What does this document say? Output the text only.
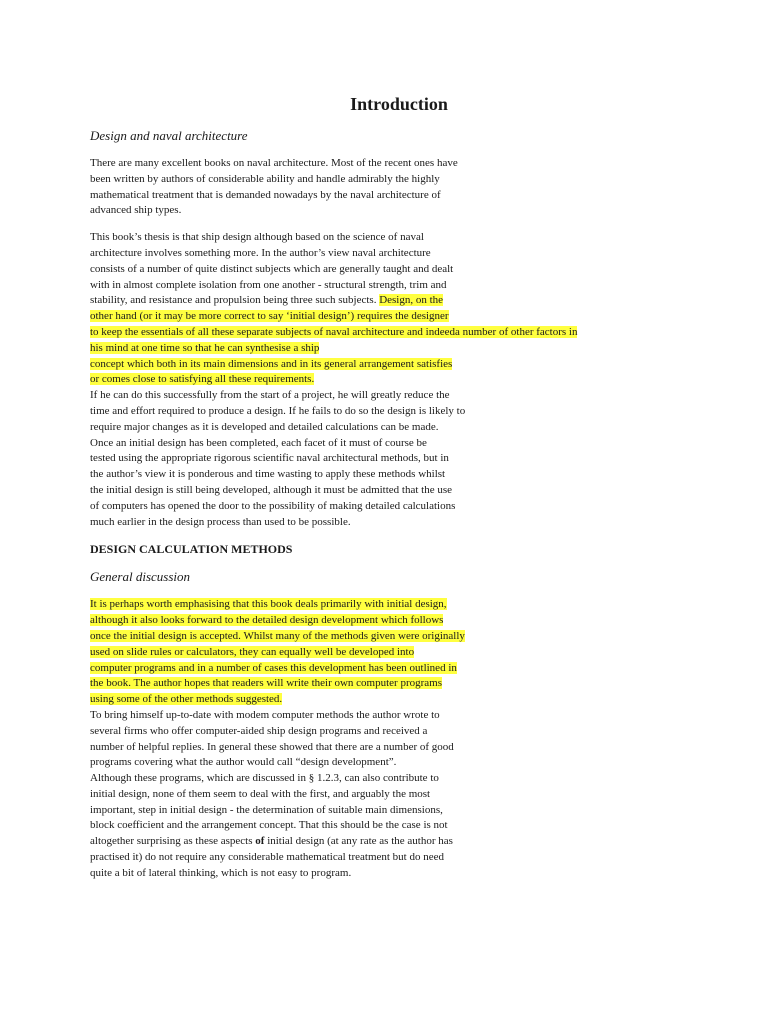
Introduction
Design and naval architecture
There are many excellent books on naval architecture. Most of the recent ones have
been written by authors of considerable ability and handle admirably the highly
mathematical treatment that is demanded nowadays by the naval architecture of
advanced ship types.
This book’s thesis is that ship design although based on the science of naval
architecture involves something more. In the author’s view naval architecture
consists of a number of quite distinct subjects which are generally taught and dealt
with in almost complete isolation from one another - structural strength, trim and
stability, and resistance and propulsion being three such subjects. Design, on the
other hand (or it may be more correct to say ‘initial design’) requires the designer
to keep the essentials of all these separate subjects of naval architecture and indeeda number of other factors in
his mind at one time so that he can synthesise a ship
concept which both in its main dimensions and in its general arrangement satisfies
or comes close to satisfying all these requirements.
If he can do this successfully from the start of a project, he will greatly reduce the
time and effort required to produce a design. If he fails to do so the design is likely to
require major changes as it is developed and detailed calculations can be made.
Once an initial design has been completed, each facet of it must of course be
tested using the appropriate rigorous scientific naval architectural methods, but in
the author’s view it is ponderous and time wasting to apply these methods whilst
the initial design is still being developed, although it must be admitted that the use
of computers has opened the door to the possibility of making detailed calculations
much earlier in the design process than used to be possible.
DESIGN CALCULATION METHODS
General discussion
It is perhaps worth emphasising that this book deals primarily with initial design,
although it also looks forward to the detailed design development which follows
once the initial design is accepted. Whilst many of the methods given were originally
used on slide rules or calculators, they can equally well be developed into
computer programs and in a number of cases this development has been outlined in
the book. The author hopes that readers will write their own computer programs
using some of the other methods suggested.
To bring himself up-to-date with modem computer methods the author wrote to
several firms who offer computer-aided ship design programs and received a
number of helpful replies. In general these showed that there are a number of good
programs covering what the author would call “design development”.
Although these programs, which are discussed in § 1.2.3, can also contribute to
initial design, none of them seem to deal with the first, and arguably the most
important, step in initial design - the determination of suitable main dimensions,
block coefficient and the arrangement concept. That this should be the case is not
altogether surprising as these aspects of initial design (at any rate as the author has
practised it) do not require any considerable mathematical treatment but do need
quite a bit of lateral thinking, which is not easy to program.
